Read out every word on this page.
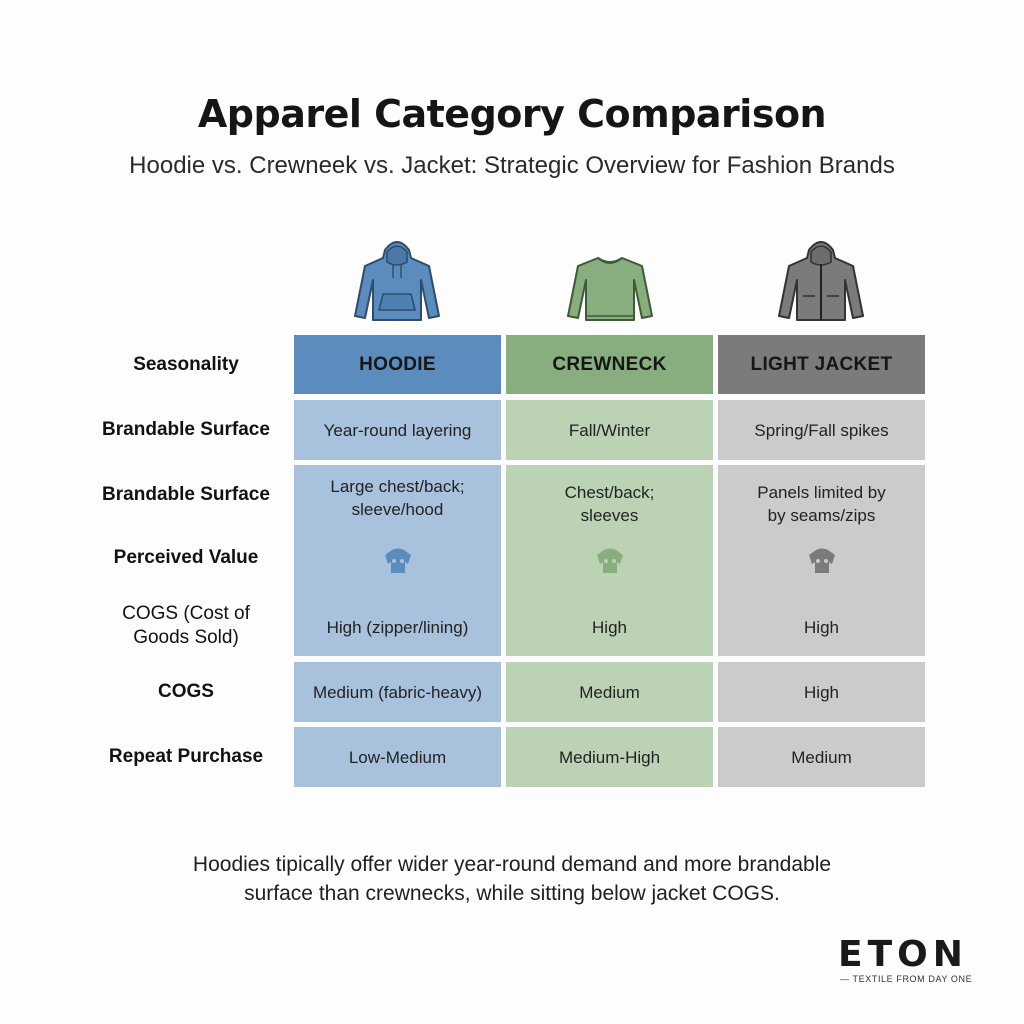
Apparel Category Comparison
Hoodie vs. Crewneek vs. Jacket: Strategic Overview for Fashion Brands
HOODIE	CREWNECK	LIGHT JACKET
Seasonality
Brandable Surface
Brandable Surface
Perceived Value
COGS (Cost of
Goods Sold)
COGS
Repeat Purchase
Year-round layering
Large chest/back;
sleeve/hood
High (zipper/lining)
Medium (fabric-heavy)
Low-Medium
Fall/Winter
Chest/back;
sleeves
High
Medium
Medium-High
Spring/Fall spikes
Panels limited by
by seams/zips
High
High
Medium
Hoodies tipically offer wider year-round demand and more brandable
surface than crewnecks, while sitting below jacket COGS.
ETON
— TEXTILE FROM DAY ONE
